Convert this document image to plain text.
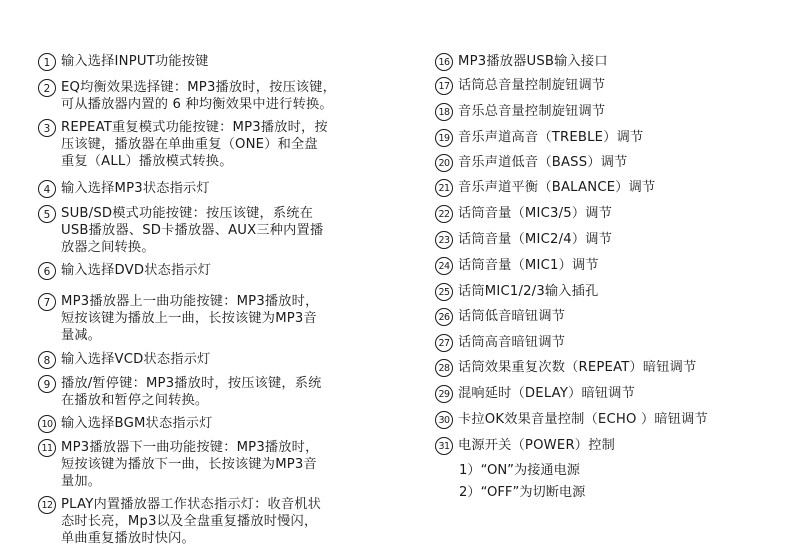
1 输入选择INPUT功能按键
2 EQ均衡效果选择键：MP3播放时，按压该键，
可从播放器内置的 6 种均衡效果中进行转换。
3 REPEAT重复模式功能按键：MP3播放时，按
压该键，播放器在单曲重复（ONE）和全盘
重复（ALL）播放模式转换。
4 输入选择MP3状态指示灯
5 SUB/SD模式功能按键：按压该键，系统在
USB播放器、SD卡播放器、AUX三种内置播
放器之间转换。
6 输入选择DVD状态指示灯
7 MP3播放器上一曲功能按键：MP3播放时，
短按该键为播放上一曲，长按该键为MP3音
量减。
8 输入选择VCD状态指示灯
9 播放/暂停键：MP3播放时，按压该键，系统
在播放和暂停之间转换。
10 输入选择BGM状态指示灯
11 MP3播放器下一曲功能按键：MP3播放时，
短按该键为播放下一曲，长按该键为MP3音
量加。
12 PLAY内置播放器工作状态指示灯：收音机状
态时长亮，Mp3以及全盘重复播放时慢闪，
单曲重复播放时快闪。
16 MP3播放器USB输入接口
17 话筒总音量控制旋钮调节
18 音乐总音量控制旋钮调节
19 音乐声道高音（TREBLE）调节
20 音乐声道低音（BASS）调节
21 音乐声道平衡（BALANCE）调节
22 话筒音量（MIC3/5）调节
23 话筒音量（MIC2/4）调节
24 话筒音量（MIC1）调节
25 话筒MIC1/2/3输入插孔
26 话筒低音暗钮调节
27 话筒高音暗钮调节
28 话筒效果重复次数（REPEAT）暗钮调节
29 混响延时（DELAY）暗钮调节
30 卡拉OK效果音量控制（ECHO ）暗钮调节
31 电源开关（POWER）控制
1）“ON”为接通电源
2）“OFF”为切断电源
